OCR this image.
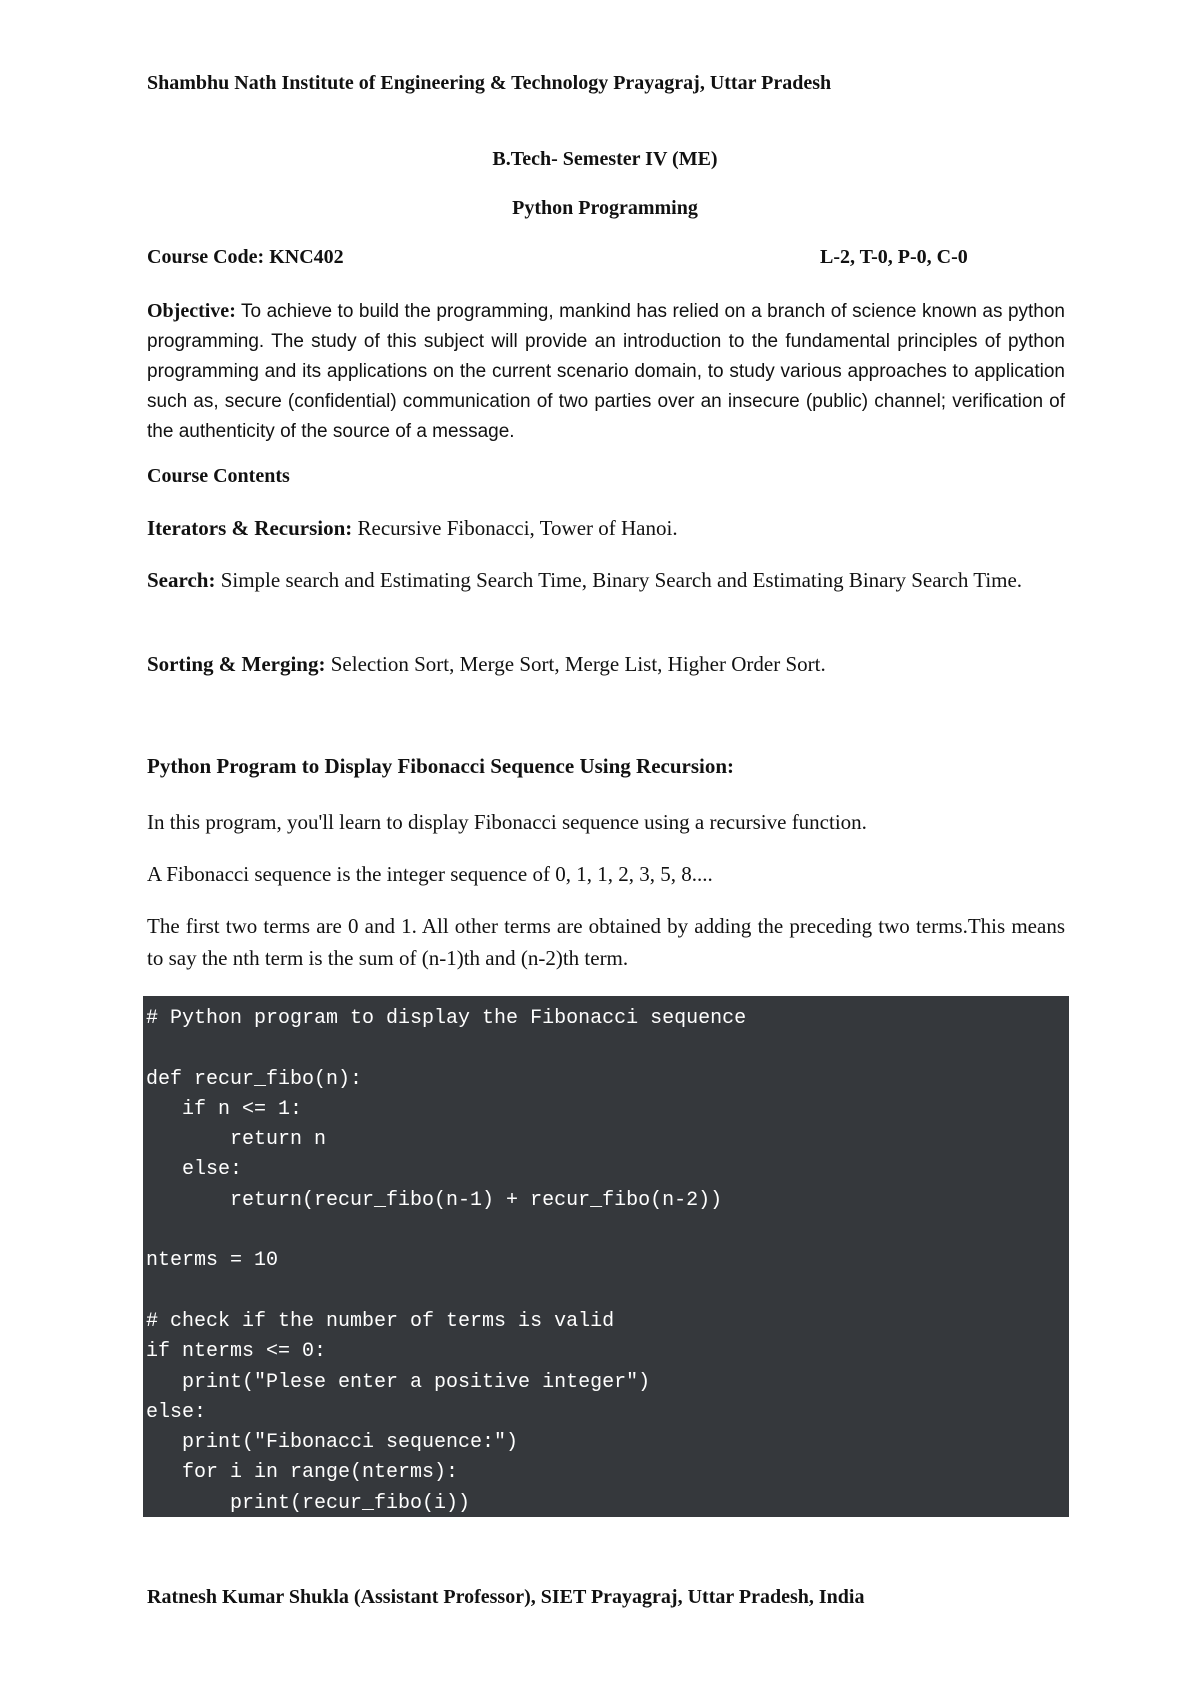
Shambhu Nath Institute of Engineering & Technology Prayagraj, Uttar Pradesh
B.Tech- Semester IV (ME)
Python Programming
Course Code: KNC402	L-2, T-0, P-0, C-0
Objective: To achieve to build the programming, mankind has relied on a branch of science known as python programming. The study of this subject will provide an introduction to the fundamental principles of python programming and its applications on the current scenario domain, to study various approaches to application such as, secure (confidential) communication of two parties over an insecure (public) channel; verification of the authenticity of the source of a message.
Course Contents
Iterators & Recursion: Recursive Fibonacci, Tower of Hanoi.
Search: Simple search and Estimating Search Time, Binary Search and Estimating Binary Search Time.
Sorting & Merging: Selection Sort, Merge Sort, Merge List, Higher Order Sort.
Python Program to Display Fibonacci Sequence Using Recursion:
In this program, you'll learn to display Fibonacci sequence using a recursive function.
A Fibonacci sequence is the integer sequence of 0, 1, 1, 2, 3, 5, 8....
The first two terms are 0 and 1. All other terms are obtained by adding the preceding two terms.This means to say the nth term is the sum of (n-1)th and (n-2)th term.
# Python program to display the Fibonacci sequence
def recur_fibo(n):
if n <= 1:
return n
else:
return(recur_fibo(n-1) + recur_fibo(n-2))
nterms = 10
# check if the number of terms is valid
if nterms <= 0:
print("Plese enter a positive integer")
else:
print("Fibonacci sequence:")
for i in range(nterms):
print(recur_fibo(i))
Ratnesh Kumar Shukla (Assistant Professor), SIET Prayagraj, Uttar Pradesh, India
